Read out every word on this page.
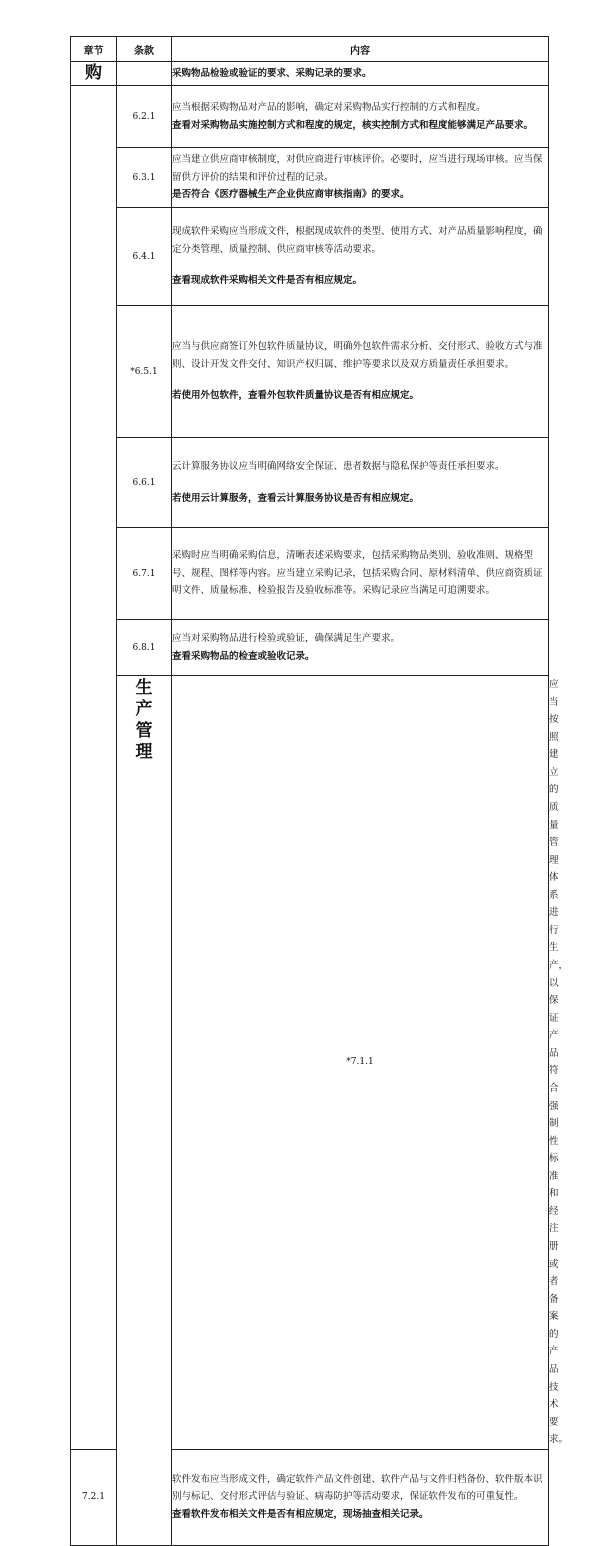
章节	条款	内容	
购		采购物品检验或验证的要求、采购记录的要求。	

	6.2.1	应当根据采购物品对产品的影响，确定对采购物品实行控制的方式和程度。

查看对采购物品实施控制方式和程度的规定，核实控制方式和程度能够满足产品要求。	

	6.3.1	应当建立供应商审核制度，对供应商进行审核评价。必要时，应当进行现场审核。应当保留供方评价的结果和评价过程的记录。

是否符合《医疗器械生产企业供应商审核指南》的要求。	

	6.4.1	现成软件采购应当形成文件，根据现成软件的类型、使用方式、对产品质量影响程度，确定分类管理、质量控制、供应商审核等活动要求。

查看现成软件采购相关文件是否有相应规定。	

	*6.5.1	应当与供应商签订外包软件质量协议，明确外包软件需求分析、交付形式、验收方式与准则、设计开发文件交付、知识产权归属、维护等要求以及双方质量责任承担要求。

若使用外包软件，查看外包软件质量协议是否有相应规定。	

	6.6.1	云计算服务协议应当明确网络安全保证、患者数据与隐私保护等责任承担要求。

若使用云计算服务，查看云计算服务协议是否有相应规定。	

	6.7.1	采购时应当明确采购信息，清晰表述采购要求，包括采购物品类别、验收准则、规格型号、规程、图样等内容。应当建立采购记录，包括采购合同、原材料清单、供应商资质证明文件、质量标准、检验报告及验收标准等。采购记录应当满足可追溯要求。	

	6.8.1	应当对采购物品进行检验或验证，确保满足生产要求。

查看采购物品的检查或验收记录。	

	生产管理	*7.1.1	应当按照建立的质量管理体系进行生产，以保证产品符合强制性标准和经注册或者备案的产品技术要求。

7.2.1		软件发布应当形成文件，确定软件产品文件创建、软件产品与文件归档备份、软件版本识别与标记、交付形式评估与验证、病毒防护等活动要求，保证软件发布的可重复性。

查看软件发布相关文件是否有相应规定，现场抽查相关记录。	
